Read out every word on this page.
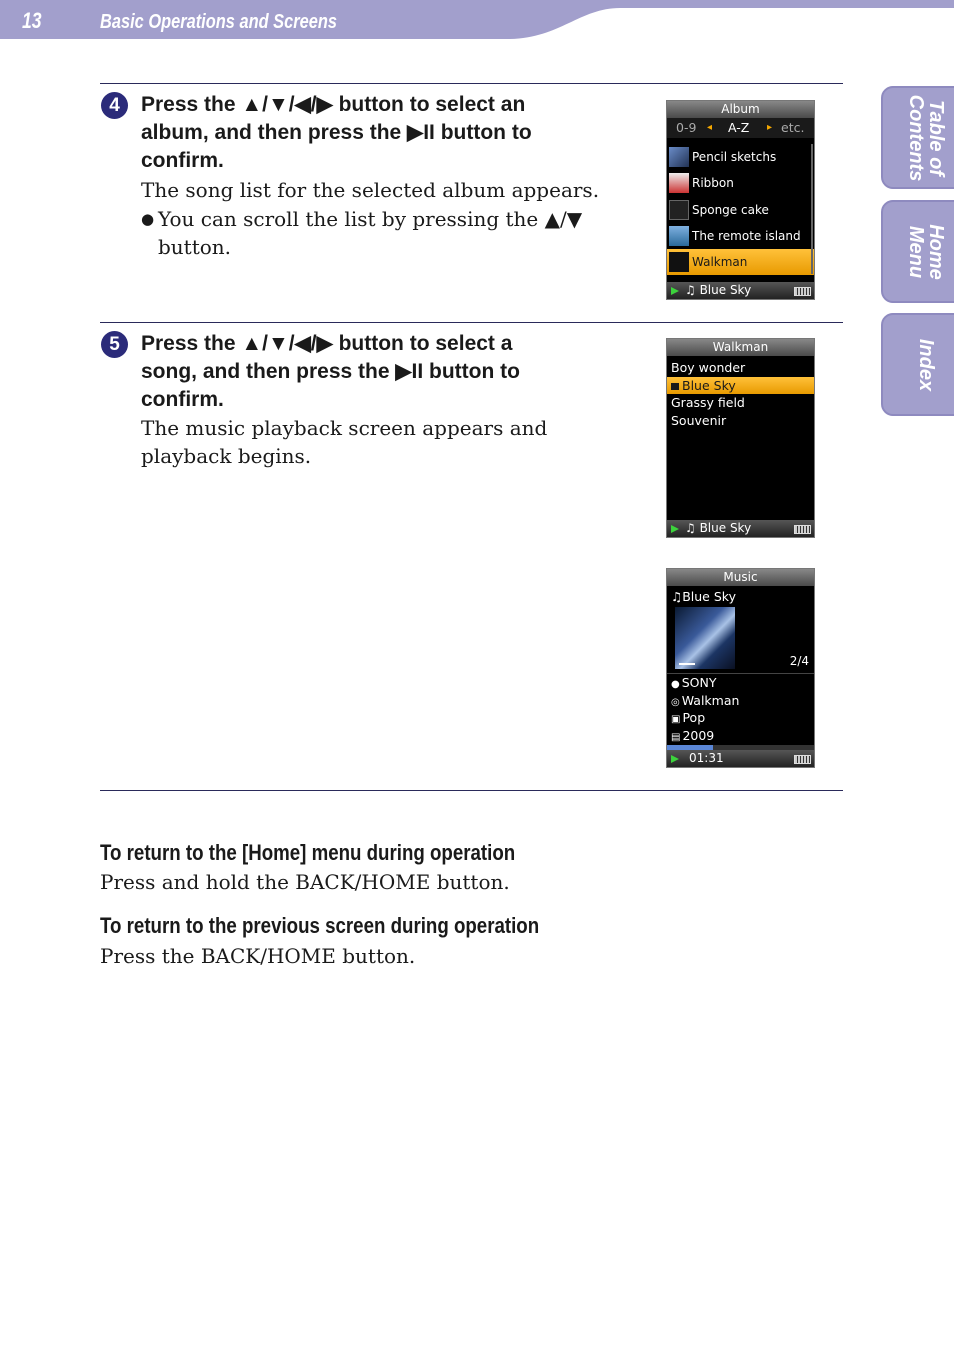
13	Basic Operations and Screens
Table of
Contents
Home
Menu
Index
4	Press the ▲/▼/◀/▶ button to select an
album, and then press the ▶II button to
confirm.
The song list for the selected album appears.
● You can scroll the list by pressing the ▲/▼
button.
Album
0-9 ◂ A-Z ▸ etc.
Pencil sketchs
Ribbon
Sponge cake
The remote island
Walkman
♫ Blue Sky
5	Press the ▲/▼/◀/▶ button to select a
song, and then press the ▶II button to
confirm.
The music playback screen appears and
playback begins.
Walkman
Boy wonder
Blue Sky
Grassy field
Souvenir
♫ Blue Sky
Music
♫Blue Sky
2/4
● SONY
◎ Walkman
▣ Pop
▤ 2009
01:31
To return to the [Home] menu during operation
Press and hold the BACK/HOME button.
To return to the previous screen during operation
Press the BACK/HOME button.
